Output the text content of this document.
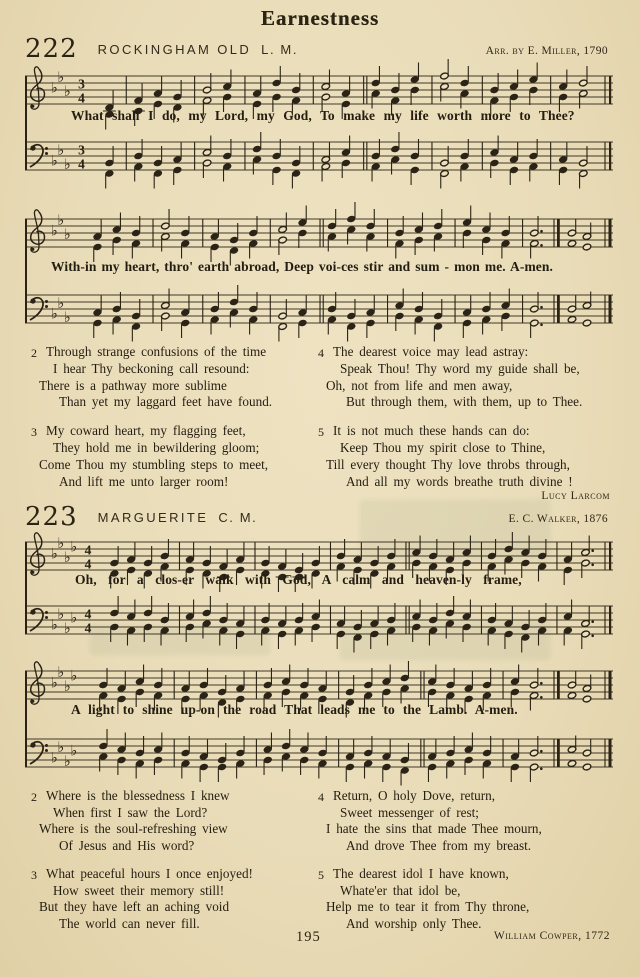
Earnestness
222 ROCKINGHAM OLD L. M.	Arr. by E. Miller, 1790
♭
♭
♭ 3
4
What shall I do, my Lord, my God, To make my life worth more to Thee?
♭
♭
♭
3
4
♭
♭
♭
With-in my heart, thro' earth abroad, Deep voi-ces stir and sum - mon me. A-men.
♭
♭
♭
2 Through strange confusions of the time
I hear Thy beckoning call resound:
There is a pathway more sublime
Than yet my laggard feet have found.
3 My coward heart, my flagging feet,
They hold me in bewildering gloom;
Come Thou my stumbling steps to meet,
And lift me unto larger room!
4 The dearest voice may lead astray:
Speak Thou! Thy word my guide shall be,
Oh, not from life and men away,
But through them, with them, up to Thee.
5 It is not much these hands can do:
Keep Thou my spirit close to Thine,
Till every thought Thy love throbs through,
And all my words breathe truth divine !
Lucy Larcom
223 MARGUERITE C. M.	E. C. Walker, 1876
♭
♭
♭
♭ 4
4
Oh, for a clos-er walk with God, A calm and heaven-ly frame,
♭
♭
♭
♭ 4
4
♭
♭
♭
♭
A light to shine up-on the road That leads me to the Lamb. A-men.
♭
♭
♭
♭
2 Where is the blessedness I knew
When first I saw the Lord?
Where is the soul-refreshing view
Of Jesus and His word?
3 What peaceful hours I once enjoyed!
How sweet their memory still!
But they have left an aching void
The world can never fill.
4 Return, O holy Dove, return,
Sweet messenger of rest;
I hate the sins that made Thee mourn,
And drove Thee from my breast.
5 The dearest idol I have known,
Whate'er that idol be,
Help me to tear it from Thy throne,
And worship only Thee.
William Cowper, 1772
195
